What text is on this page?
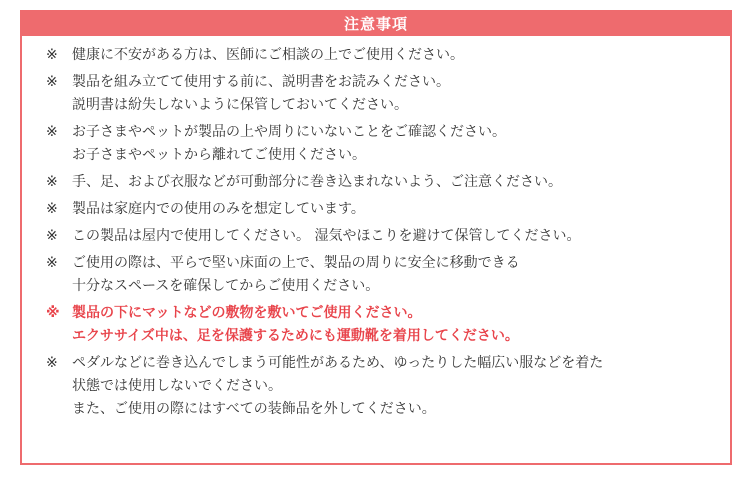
注意事項
※	健康に不安がある方は、医師にご相談の上でご使用ください。
※	製品を組み立てて使用する前に、説明書をお読みください。
説明書は紛失しないように保管しておいてください。
※	お子さまやペットが製品の上や周りにいないことをご確認ください。
お子さまやペットから離れてご使用ください。
※	手、足、および衣服などが可動部分に巻き込まれないよう、ご注意ください。
※	製品は家庭内での使用のみを想定しています。
※	この製品は屋内で使用してください。 湿気やほこりを避けて保管してください。
※	ご使用の際は、平らで堅い床面の上で、製品の周りに安全に移動できる
十分なスペースを確保してからご使用ください。
※ 製品の下にマットなどの敷物を敷いてご使用ください。
エクササイズ中は、足を保護するためにも運動靴を着用してください。
※	ペダルなどに巻き込んでしまう可能性があるため、ゆったりした幅広い服などを着た
状態では使用しないでください。
また、ご使用の際にはすべての装飾品を外してください。
